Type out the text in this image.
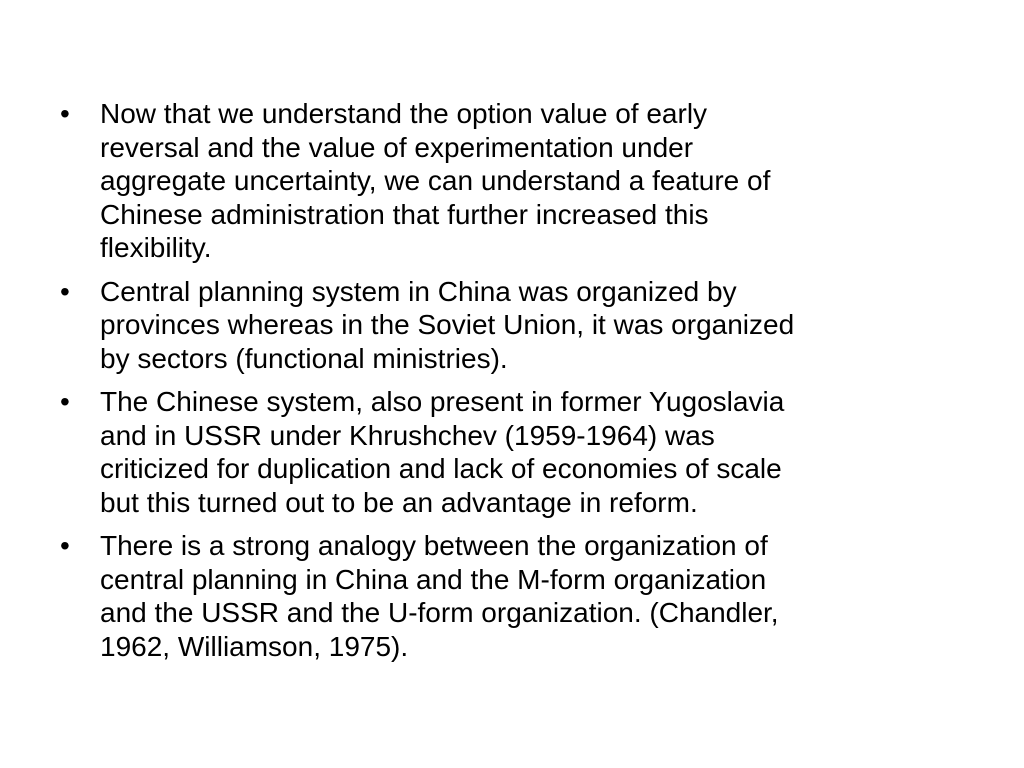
•	Now that we understand the option value of early
reversal and the value of experimentation under
aggregate uncertainty, we can understand a feature of
Chinese administration that further increased this
flexibility.
•	Central planning system in China was organized by
provinces whereas in the Soviet Union, it was organized
by sectors (functional ministries).
•	The Chinese system, also present in former Yugoslavia
and in USSR under Khrushchev (1959-1964) was
criticized for duplication and lack of economies of scale
but this turned out to be an advantage in reform.
•	There is a strong analogy between the organization of
central planning in China and the M-form organization
and the USSR and the U-form organization. (Chandler,
1962, Williamson, 1975).
